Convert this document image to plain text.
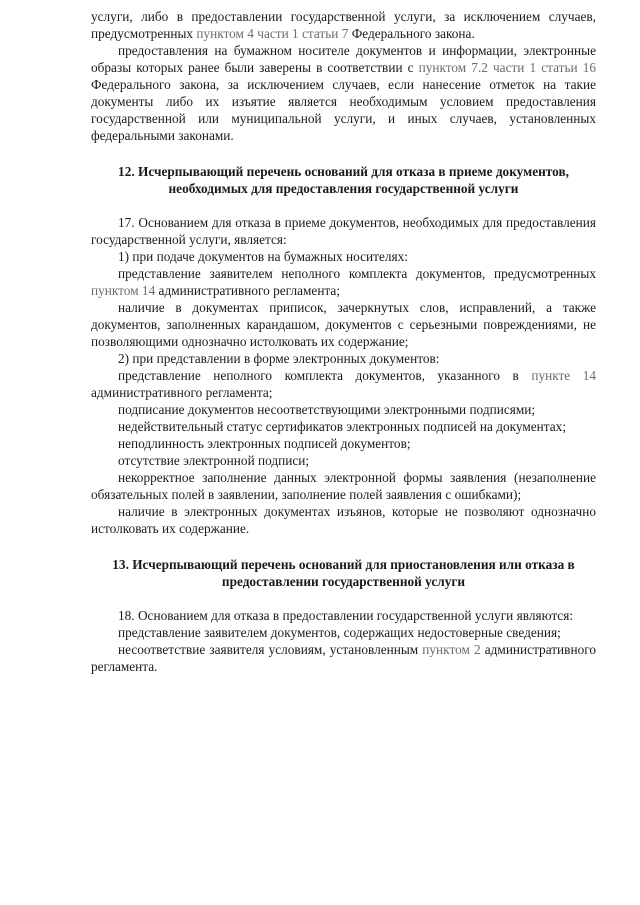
услуги, либо в предоставлении государственной услуги, за исключением случаев, предусмотренных пунктом 4 части 1 статьи 7 Федерального закона.

предоставления на бумажном носителе документов и информации, электронные образы которых ранее были заверены в соответствии с пунктом 7.2 части 1 статьи 16 Федерального закона, за исключением случаев, если нанесение отметок на такие документы либо их изъятие является необходимым условием предоставления государственной или муниципальной услуги, и иных случаев, установленных федеральными законами.

12. Исчерпывающий перечень оснований для отказа в приеме документов, необходимых для предоставления государственной услуги

17. Основанием для отказа в приеме документов, необходимых для предоставления государственной услуги, является:

1) при подаче документов на бумажных носителях:

представление заявителем неполного комплекта документов, предусмотренных пунктом 14 административного регламента;

наличие в документах приписок, зачеркнутых слов, исправлений, а также документов, заполненных карандашом, документов с серьезными повреждениями, не позволяющими однозначно истолковать их содержание;

2) при представлении в форме электронных документов:

представление неполного комплекта документов, указанного в пункте 14 административного регламента;

подписание документов несоответствующими электронными подписями;

недействительный статус сертификатов электронных подписей на документах;

неподлинность электронных подписей документов;

отсутствие электронной подписи;

некорректное заполнение данных электронной формы заявления (незаполнение обязательных полей в заявлении, заполнение полей заявления с ошибками);

наличие в электронных документах изъянов, которые не позволяют однозначно истолковать их содержание.

13. Исчерпывающий перечень оснований для приостановления или отказа в предоставлении государственной услуги

18. Основанием для отказа в предоставлении государственной услуги являются:

представление заявителем документов, содержащих недостоверные сведения;

несоответствие заявителя условиям, установленным пунктом 2 административного регламента.
